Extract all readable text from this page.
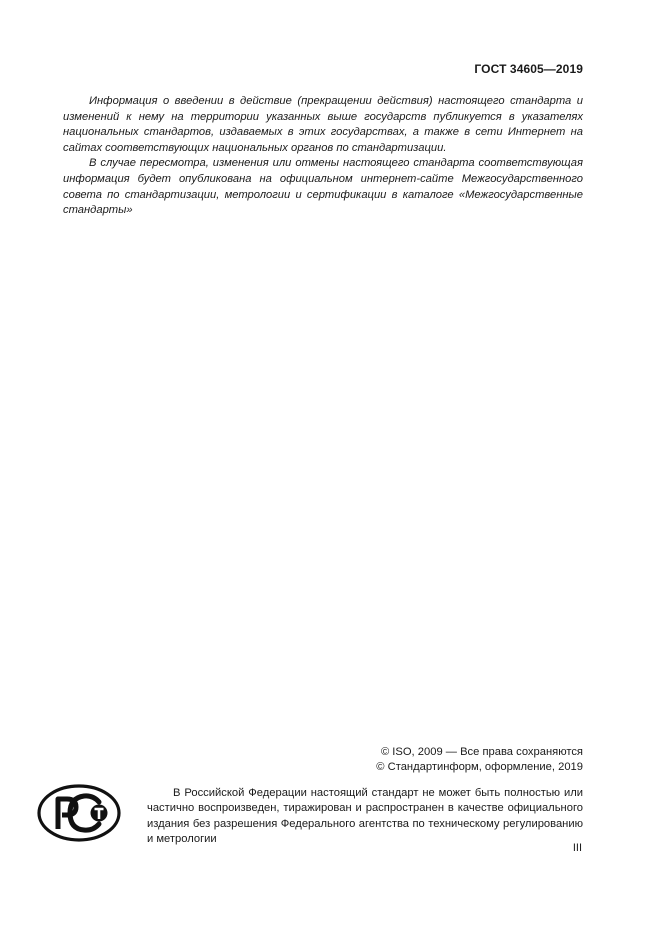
ГОСТ 34605—2019

Информация о введении в действие (прекращении действия) настоящего стандарта и изменений к нему на территории указанных выше государств публикуется в указателях национальных стандартов, издаваемых в этих государствах, а также в сети Интернет на сайтах соответствующих национальных органов по стандартизации.

В случае пересмотра, изменения или отмены настоящего стандарта соответствующая информация будет опубликована на официальном интернет-сайте Межгосударственного совета по стандартизации, метрологии и сертификации в каталоге «Межгосударственные стандарты»

© ISO, 2009 — Все права сохраняются
© Стандартинформ, оформление, 2019

В Российской Федерации настоящий стандарт не может быть полностью или частично воспроизведен, тиражирован и распространен в качестве официального издания без разрешения Федерального агентства по техническому регулированию и метрологии

III
